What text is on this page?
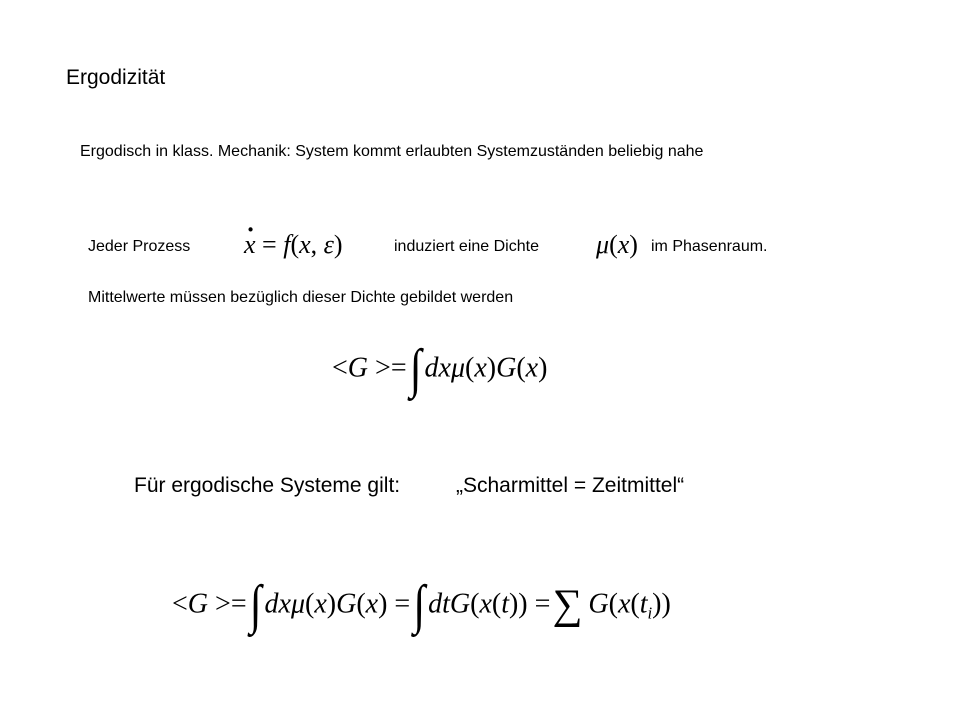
Ergodizität
Ergodisch in klass. Mechanik: System kommt erlaubten Systemzuständen beliebig nahe
Jeder Prozess
· x = f(x, ε)	induziert eine Dichte μ(x) im Phasenraum.
Mittelwerte müssen bezüglich dieser Dichte gebildet werden
<G >=∫ dxμ(x)G(x)
Für ergodische Systeme gilt:	„Scharmittel = Zeitmittel“
<G >=∫ dxμ(x)G(x) =∫ dtG(x(t)) =∑ $G(x(t_i))$
